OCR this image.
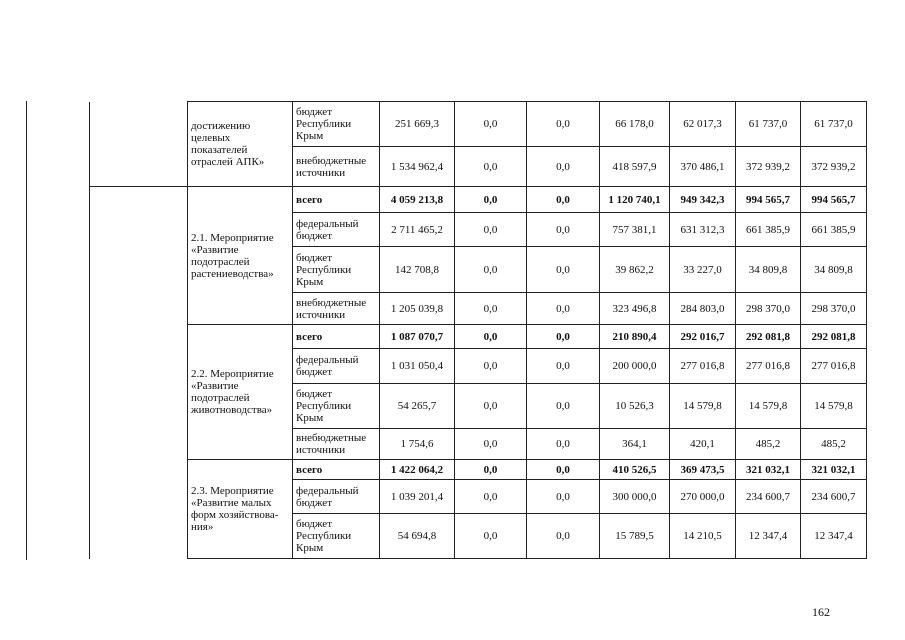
	достижению целевых показателей отраслей АПК»	бюджет Республики Крым	251 669,3	0,0	0,0	66 178,0	62 017,3	61 737,0	61 737,0
		внебюджетные источники	1 534 962,4	0,0	0,0	418 597,9	370 486,1	372 939,2	372 939,2
	2.1. Мероприятие «Развитие подотраслей растениеводства»	всего	4 059 213,8	0,0	0,0	1 120 740,1	949 342,3	994 565,7	994 565,7
		федеральный бюджет	2 711 465,2	0,0	0,0	757 381,1	631 312,3	661 385,9	661 385,9
		бюджет Республики Крым	142 708,8	0,0	0,0	39 862,2	33 227,0	34 809,8	34 809,8
		внебюджетные источники	1 205 039,8	0,0	0,0	323 496,8	284 803,0	298 370,0	298 370,0
	2.2. Мероприятие «Развитие подотраслей животноводства»	всего	1 087 070,7	0,0	0,0	210 890,4	292 016,7	292 081,8	292 081,8
		федеральный бюджет	1 031 050,4	0,0	0,0	200 000,0	277 016,8	277 016,8	277 016,8
		бюджет Республики Крым	54 265,7	0,0	0,0	10 526,3	14 579,8	14 579,8	14 579,8
		внебюджетные источники	1 754,6	0,0	0,0	364,1	420,1	485,2	485,2
	2.3. Мероприятие «Развитие малых форм хозяйствова-ния»	всего	1 422 064,2	0,0	0,0	410 526,5	369 473,5	321 032,1	321 032,1
		федеральный бюджет	1 039 201,4	0,0	0,0	300 000,0	270 000,0	234 600,7	234 600,7
		бюджет Республики Крым	54 694,8	0,0	0,0	15 789,5	14 210,5	12 347,4	12 347,4
162
